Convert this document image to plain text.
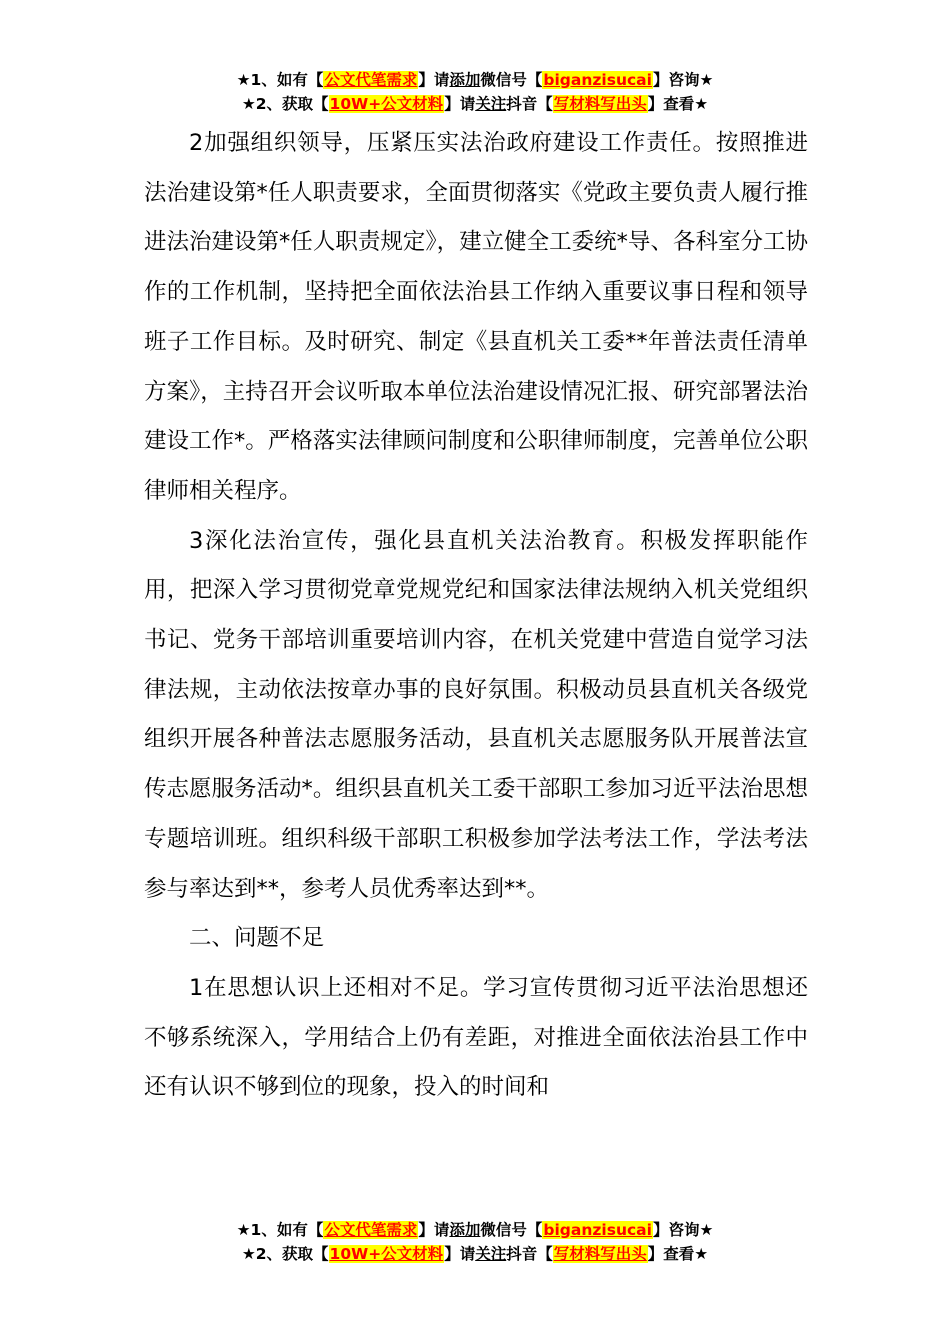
★1、如有【公文代笔需求】请添加微信号【biganzisucai】咨询★
★2、获取【10W+公文材料】请关注抖音【写材料写出头】查看★

2加强组织领导，压紧压实法治政府建设工作责任。按照推进法治建设第*任人职责要求，全面贯彻落实《党政主要负责人履行推进法治建设第*任人职责规定》，建立健全工委统*导、各科室分工协作的工作机制，坚持把全面依法治县工作纳入重要议事日程和领导班子工作目标。及时研究、制定《县直机关工委**年普法责任清单方案》，主持召开会议听取本单位法治建设情况汇报、研究部署法治建设工作*。严格落实法律顾问制度和公职律师制度，完善单位公职律师相关程序。

3深化法治宣传，强化县直机关法治教育。积极发挥职能作用，把深入学习贯彻党章党规党纪和国家法律法规纳入机关党组织书记、党务干部培训重要培训内容，在机关党建中营造自觉学习法律法规，主动依法按章办事的良好氛围。积极动员县直机关各级党组织开展各种普法志愿服务活动，县直机关志愿服务队开展普法宣传志愿服务活动*。组织县直机关工委干部职工参加习近平法治思想专题培训班。组织科级干部职工积极参加学法考法工作，学法考法参与率达到**，参考人员优秀率达到**。

二、问题不足

1在思想认识上还相对不足。学习宣传贯彻习近平法治思想还不够系统深入，学用结合上仍有差距，对推进全面依法治县工作中还有认识不够到位的现象，投入的时间和

★1、如有【公文代笔需求】请添加微信号【biganzisucai】咨询★
★2、获取【10W+公文材料】请关注抖音【写材料写出头】查看★
